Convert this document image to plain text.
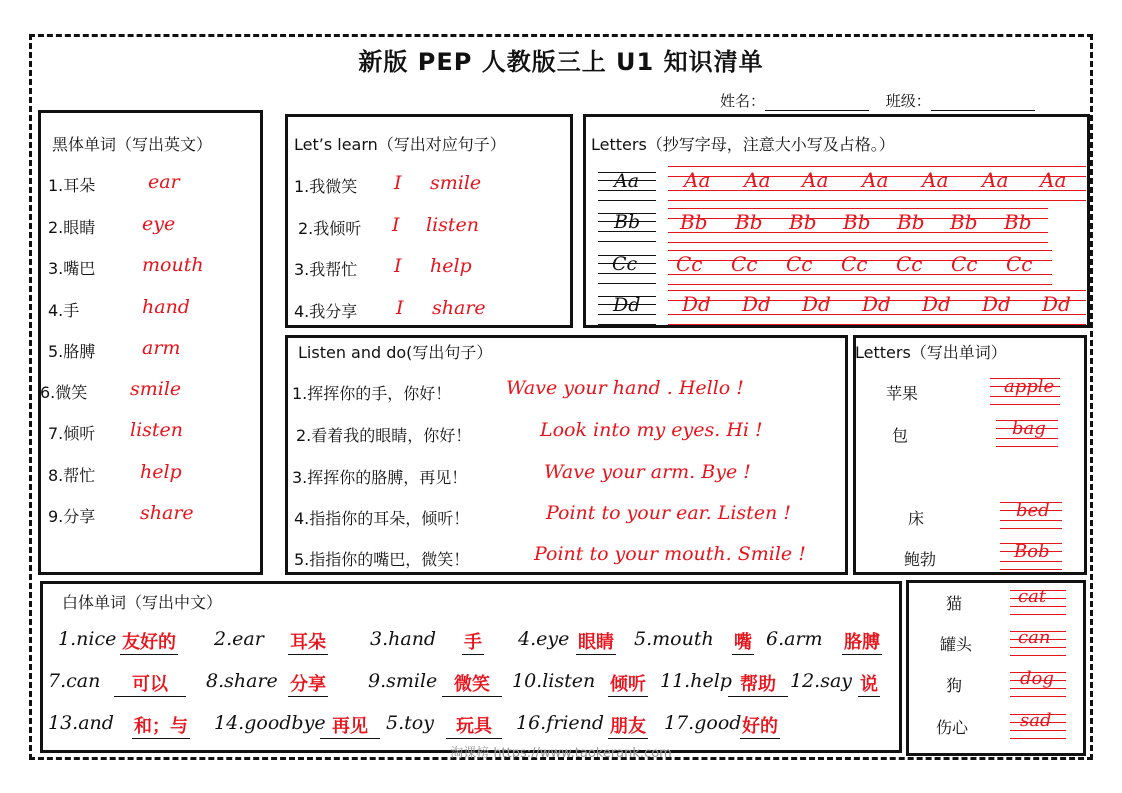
新版 PEP 人教版三上 U1 知识清单
姓名：	班级：
黑体单词（写出英文）
1.耳朵	ear
2.眼睛 eye
3.嘴巴 mouth
4.手	hand
5.胳膊 arm
6.微笑 smile
7.倾听 listen
8.帮忙 help
9.分享 share
Let’s learn（写出对应句子）
1.我微笑 I smile
2.我倾听 I listen
3.我帮忙 I help
4.我分享 I share
Letters（抄写字母，注意大小写及占格。）
Aa
Bb
Cc
Dd
Aa Aa Aa Aa Aa Aa Aa
Bb Bb Bb Bb Bb Bb Bb
Cc Cc Cc Cc Cc Cc Cc
Dd Dd Dd Dd Dd Dd Dd
Listen and do(写出句子）
1.挥挥你的手，你好！	Wave your hand . Hello !
2.看着我的眼睛，你好！	Look into my eyes. Hi !
3.挥挥你的胳膊，再见！	Wave your arm. Bye !
4.指指你的耳朵，倾听！	Point to your ear. Listen !
5.指指你的嘴巴，微笑！	Point to your mouth. Smile !
Letters（写出单词）
苹果	apple
包	bag
床	bed
鲍勃	Bob
白体单词（写出中文）
1.nice 友好的 2.ear 耳朵 3.hand 手 4.eye 眼睛 5.mouth 嘴 6.arm 胳膊
7.can	可以	8.share 分享 9.smile 微笑	10.listen 倾听 11.help 帮助 12.say 说
13.and 和；与 14.goodbye 再见 5.toy	玩具	16.friend 朋友 17.good 好的
猫	cat
罐头	can
狗	dog
伤心	sad
淘课榜 https://www.taokerank.com
